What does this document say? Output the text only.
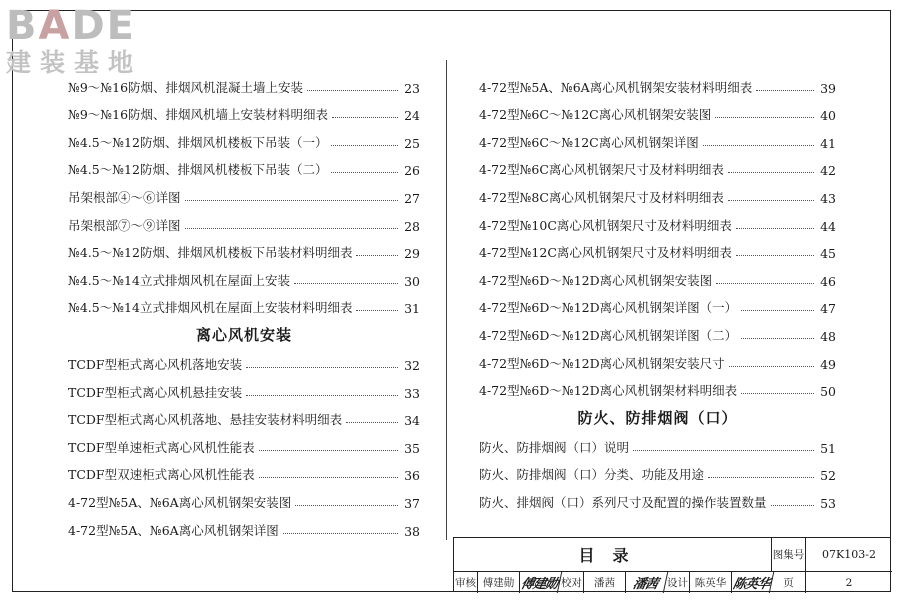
BADE
建装基地
№9～№16防烟、排烟风机混凝土墙上安装	23
№9～№16防烟、排烟风机墙上安装材料明细表	24
№4.5～№12防烟、排烟风机楼板下吊装（一）	25
№4.5～№12防烟、排烟风机楼板下吊装（二）	26
吊架根部④～⑥详图	27
吊架根部⑦～⑨详图	28
№4.5～№12防烟、排烟风机楼板下吊装材料明细表	29
№4.5～№14立式排烟风机在屋面上安装	30
№4.5～№14立式排烟风机在屋面上安装材料明细表	31
离心风机安装
TCDF型柜式离心风机落地安装	32
TCDF型柜式离心风机悬挂安装	33
TCDF型柜式离心风机落地、悬挂安装材料明细表	34
TCDF型单速柜式离心风机性能表	35
TCDF型双速柜式离心风机性能表	36
4-72型№5A、№6A离心风机钢架安装图	37
4-72型№5A、№6A离心风机钢架详图	38
4-72型№5A、№6A离心风机钢架安装材料明细表	39
4-72型№6C～№12C离心风机钢架安装图	40
4-72型№6C～№12C离心风机钢架详图	41
4-72型№6C离心风机钢架尺寸及材料明细表	42
4-72型№8C离心风机钢架尺寸及材料明细表	43
4-72型№10C离心风机钢架尺寸及材料明细表	44
4-72型№12C离心风机钢架尺寸及材料明细表	45
4-72型№6D～№12D离心风机钢架安装图	46
4-72型№6D～№12D离心风机钢架详图（一）	47
4-72型№6D～№12D离心风机钢架详图（二）	48
4-72型№6D～№12D离心风机钢架安装尺寸	49
4-72型№6D～№12D离心风机钢架材料明细表	50
防火、防排烟阀（口）
防火、防排烟阀（口）说明	51
防火、防排烟阀（口）分类、功能及用途	52
防火、排烟阀（口）系列尺寸及配置的操作装置数量	53
目录	图集号	07K103-2
审核 傅建勋 傅建勋 校对	潘茜	潘茜 设计 陈英华 陈英华	页	2
